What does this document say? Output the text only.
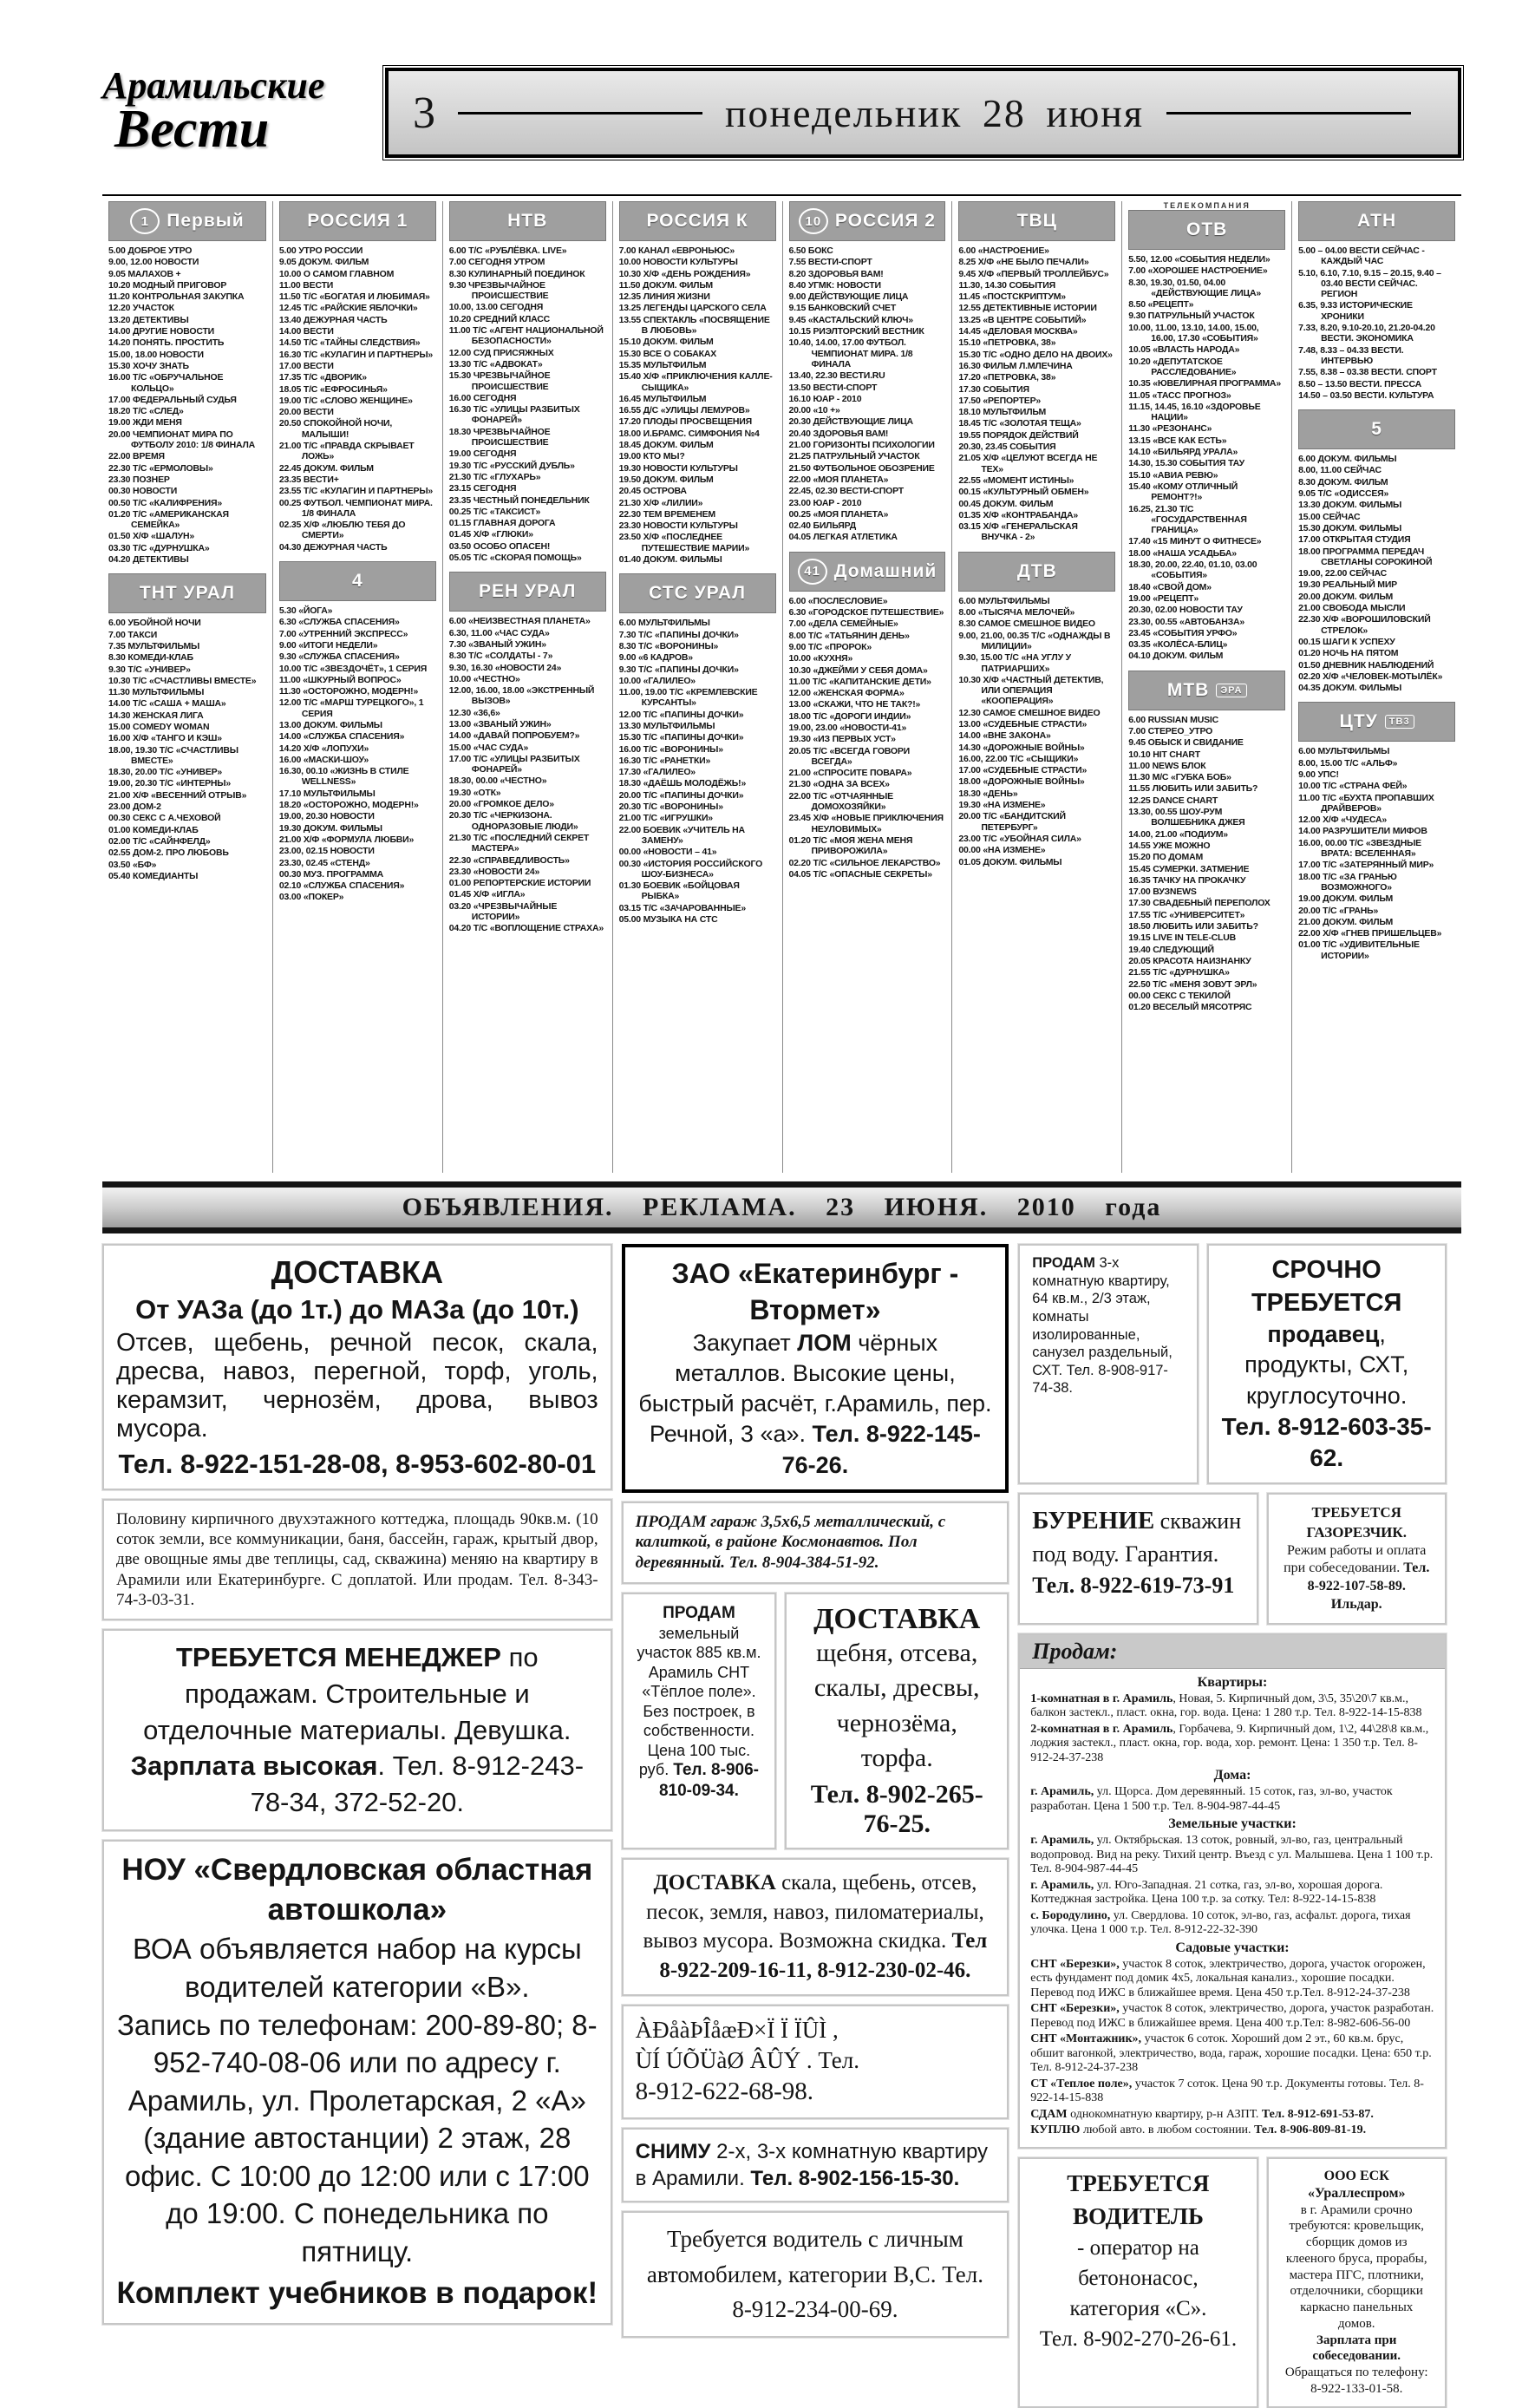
Арамильские
Вести	3	понедельник 28 июня
1 Первый
5.00 ДОБРОЕ УТРО
9.00, 12.00 НОВОСТИ
9.05 МАЛАХОВ +
10.20 МОДНЫЙ ПРИГОВОР
11.20 КОНТРОЛЬНАЯ ЗАКУПКА
12.20 УЧАСТОК
13.20 ДЕТЕКТИВЫ
14.00 ДРУГИЕ НОВОСТИ
14.20 ПОНЯТЬ. ПРОСТИТЬ
15.00, 18.00 НОВОСТИ
15.30 ХОЧУ ЗНАТЬ
16.00 Т/С «ОБРУЧАЛЬНОЕ КОЛЬЦО»
17.00 ФЕДЕРАЛЬНЫЙ СУДЬЯ
18.20 Т/С «СЛЕД»
19.00 ЖДИ МЕНЯ
20.00 ЧЕМПИОНАТ МИРА ПО ФУТБОЛУ 2010: 1/8 ФИНАЛА
22.00 ВРЕМЯ
22.30 Т/С «ЕРМОЛОВЫ»
23.30 ПОЗНЕР
00.30 НОВОСТИ
00.50 Т/С «КАЛИФРЕНИЯ»
01.20 Т/С «АМЕРИКАНСКАЯ СЕМЕЙКА»
01.50 Х/Ф «ШАЛУН»
03.30 Т/С «ДУРНУШКА»
04.20 ДЕТЕКТИВЫ
ТНТ УРАЛ
6.00 УБОЙНОЙ НОЧИ
7.00 ТАКСИ
7.35 МУЛЬТФИЛЬМЫ
8.30 КОМЕДИ-КЛАБ
9.30 Т/С «УНИВЕР»
10.30 Т/С «СЧАСТЛИВЫ ВМЕСТЕ»
11.30 МУЛЬТФИЛЬМЫ
14.00 Т/С «САША + МАША»
14.30 ЖЕНСКАЯ ЛИГА
15.00 COMEDY WOMAN
16.00 Х/Ф «ТАНГО И КЭШ»
18.00, 19.30 Т/С «СЧАСТЛИВЫ ВМЕСТЕ»
18.30, 20.00 Т/С «УНИВЕР»
19.00, 20.30 Т/С «ИНТЕРНЫ»
21.00 Х/Ф «ВЕСЕННИЙ ОТРЫВ»
23.00 ДОМ-2
00.30 СЕКС С А.ЧЕХОВОЙ
01.00 КОМЕДИ-КЛАБ
02.00 Т/С «САЙНФЕЛД»
02.55 ДОМ-2. ПРО ЛЮБОВЬ
03.50 «БФ»
05.40 КОМЕДИАНТЫ
РОССИЯ 1
5.00 УТРО РОССИИ
9.05 ДОКУМ. ФИЛЬМ
10.00 О САМОМ ГЛАВНОМ
11.00 ВЕСТИ
11.50 Т/С «БОГАТАЯ И ЛЮБИМАЯ»
12.45 Т/С «РАЙСКИЕ ЯБЛОЧКИ»
13.40 ДЕЖУРНАЯ ЧАСТЬ
14.00 ВЕСТИ
14.50 Т/С «ТАЙНЫ СЛЕДСТВИЯ»
16.30 Т/С «КУЛАГИН И ПАРТНЕРЫ»
17.00 ВЕСТИ
17.35 Т/С «ДВОРИК»
18.05 Т/С «ЕФРОСИНЬЯ»
19.00 Т/С «СЛОВО ЖЕНЩИНЕ»
20.00 ВЕСТИ
20.50 СПОКОЙНОЙ НОЧИ, МАЛЫШИ!
21.00 Т/С «ПРАВДА СКРЫВАЕТ ЛОЖЬ»
22.45 ДОКУМ. ФИЛЬМ
23.35 ВЕСТИ+
23.55 Т/С «КУЛАГИН И ПАРТНЕРЫ»
00.25 ФУТБОЛ. ЧЕМПИОНАТ МИРА. 1/8 ФИНАЛА
02.35 Х/Ф «ЛЮБЛЮ ТЕБЯ ДО СМЕРТИ»
04.30 ДЕЖУРНАЯ ЧАСТЬ
4
5.30 «ЙОГА»
6.30 «СЛУЖБА СПАСЕНИЯ»
7.00 «УТРЕННИЙ ЭКСПРЕСС»
9.00 «ИТОГИ НЕДЕЛИ»
9.30 «СЛУЖБА СПАСЕНИЯ»
10.00 Т/С «ЗВЕЗДОЧЁТ», 1 СЕРИЯ
11.00 «ШКУРНЫЙ ВОПРОС»
11.30 «ОСТОРОЖНО, МОДЕРН!»
12.00 Т/С «МАРШ ТУРЕЦКОГО», 1 СЕРИЯ
13.00 ДОКУМ. ФИЛЬМЫ
14.00 «СЛУЖБА СПАСЕНИЯ»
14.20 Х/Ф «ЛОПУХИ»
16.00 «МАСКИ-ШОУ»
16.30, 00.10 «ЖИЗНЬ В СТИЛЕ WELLNESS»
17.10 МУЛЬТФИЛЬМЫ
18.20 «ОСТОРОЖНО, МОДЕРН!»
19.00, 20.30 НОВОСТИ
19.30 ДОКУМ. ФИЛЬМЫ
21.00 Х/Ф «ФОРМУЛА ЛЮБВИ»
23.00, 02.15 НОВОСТИ
23.30, 02.45 «СТЕНД»
00.30 МУЗ. ПРОГРАММА
02.10 «СЛУЖБА СПАСЕНИЯ»
03.00 «ПОКЕР»
НТВ
6.00 Т/С «РУБЛЁВКА. LIVE»
7.00 СЕГОДНЯ УТРОМ
8.30 КУЛИНАРНЫЙ ПОЕДИНОК
9.30 ЧРЕЗВЫЧАЙНОЕ ПРОИСШЕСТВИЕ
10.00, 13.00 СЕГОДНЯ
10.20 СРЕДНИЙ КЛАСС
11.00 Т/С «АГЕНТ НАЦИОНАЛЬНОЙ БЕЗОПАСНОСТИ»
12.00 СУД ПРИСЯЖНЫХ
13.30 Т/С «АДВОКАТ»
15.30 ЧРЕЗВЫЧАЙНОЕ ПРОИСШЕСТВИЕ
16.00 СЕГОДНЯ
16.30 Т/С «УЛИЦЫ РАЗБИТЫХ ФОНАРЕЙ»
18.30 ЧРЕЗВЫЧАЙНОЕ ПРОИСШЕСТВИЕ
19.00 СЕГОДНЯ
19.30 Т/С «РУССКИЙ ДУБЛЬ»
21.30 Т/С «ГЛУХАРЬ»
23.15 СЕГОДНЯ
23.35 ЧЕСТНЫЙ ПОНЕДЕЛЬНИК
00.25 Т/С «ТАКСИСТ»
01.15 ГЛАВНАЯ ДОРОГА
01.45 Х/Ф «ГЛЮКИ»
03.50 ОСОБО ОПАСЕН!
05.05 Т/С «СКОРАЯ ПОМОЩЬ»
РЕН УРАЛ
6.00 «НЕИЗВЕСТНАЯ ПЛАНЕТА»
6.30, 11.00 «ЧАС СУДА»
7.30 «ЗВАНЫЙ УЖИН»
8.30 Т/С «СОЛДАТЫ - 7»
9.30, 16.30 «НОВОСТИ 24»
10.00 «ЧЕСТНО»
12.00, 16.00, 18.00 «ЭКСТРЕННЫЙ ВЫЗОВ»
12.30 «36,6»
13.00 «ЗВАНЫЙ УЖИН»
14.00 «ДАВАЙ ПОПРОБУЕМ?»
15.00 «ЧАС СУДА»
17.00 Т/С «УЛИЦЫ РАЗБИТЫХ ФОНАРЕЙ»
18.30, 00.00 «ЧЕСТНО»
19.30 «ОТК»
20.00 «ГРОМКОЕ ДЕЛО»
20.30 Т/С «ЧЕРКИЗОНА. ОДНОРАЗОВЫЕ ЛЮДИ»
21.30 Т/С «ПОСЛЕДНИЙ СЕКРЕТ МАСТЕРА»
22.30 «СПРАВЕДЛИВОСТЬ»
23.30 «НОВОСТИ 24»
01.00 РЕПОРТЕРСКИЕ ИСТОРИИ
01.45 Х/Ф «ИГЛА»
03.20 «ЧРЕЗВЫЧАЙНЫЕ ИСТОРИИ»
04.20 Т/С «ВОПЛОЩЕНИЕ СТРАХА»
РОССИЯ К
7.00 КАНАЛ «ЕВРОНЬЮС»
10.00 НОВОСТИ КУЛЬТУРЫ
10.30 Х/Ф «ДЕНЬ РОЖДЕНИЯ»
11.50 ДОКУМ. ФИЛЬМ
12.35 ЛИНИЯ ЖИЗНИ
13.25 ЛЕГЕНДЫ ЦАРСКОГО СЕЛА
13.55 СПЕКТАКЛЬ «ПОСВЯЩЕНИЕ В ЛЮБОВЬ»
15.10 ДОКУМ. ФИЛЬМ
15.30 ВСЕ О СОБАКАХ
15.35 МУЛЬТФИЛЬМ
15.40 Х/Ф «ПРИКЛЮЧЕНИЯ КАЛЛЕ-СЫЩИКА»
16.45 МУЛЬТФИЛЬМ
16.55 Д/С «УЛИЦЫ ЛЕМУРОВ»
17.20 ПЛОДЫ ПРОСВЕЩЕНИЯ
18.00 И.БРАМС. СИМФОНИЯ №4
18.45 ДОКУМ. ФИЛЬМ
19.00 КТО МЫ?
19.30 НОВОСТИ КУЛЬТУРЫ
19.50 ДОКУМ. ФИЛЬМ
20.45 ОСТРОВА
21.30 Х/Ф «ЛИЛИИ»
22.30 ТЕМ ВРЕМЕНЕМ
23.30 НОВОСТИ КУЛЬТУРЫ
23.50 Х/Ф «ПОСЛЕДНЕЕ ПУТЕШЕСТВИЕ МАРИИ»
01.40 ДОКУМ. ФИЛЬМЫ
СТС УРАЛ
6.00 МУЛЬТФИЛЬМЫ
7.30 Т/С «ПАПИНЫ ДОЧКИ»
8.30 Т/С «ВОРОНИНЫ»
9.00 «6 КАДРОВ»
9.30 Т/С «ПАПИНЫ ДОЧКИ»
10.00 «ГАЛИЛЕО»
11.00, 19.00 Т/С «КРЕМЛЕВСКИЕ КУРСАНТЫ»
12.00 Т/С «ПАПИНЫ ДОЧКИ»
13.30 МУЛЬТФИЛЬМЫ
15.30 Т/С «ПАПИНЫ ДОЧКИ»
16.00 Т/С «ВОРОНИНЫ»
16.30 Т/С «РАНЕТКИ»
17.30 «ГАЛИЛЕО»
18.30 «ДАЁШЬ МОЛОДЁЖЬ!»
20.00 Т/С «ПАПИНЫ ДОЧКИ»
20.30 Т/С «ВОРОНИНЫ»
21.00 Т/С «ИГРУШКИ»
22.00 БОЕВИК «УЧИТЕЛЬ НА ЗАМЕНУ»
00.00 «НОВОСТИ – 41»
00.30 «ИСТОРИЯ РОССИЙСКОГО ШОУ-БИЗНЕСА»
01.30 БОЕВИК «БОЙЦОВАЯ РЫБКА»
03.15 Т/С «ЗАЧАРОВАННЫЕ»
05.00 МУЗЫКА НА СТС
10 РОССИЯ 2
6.50 БОКС
7.55 ВЕСТИ-СПОРТ
8.20 ЗДОРОВЬЯ ВАМ!
8.40 УГМК: НОВОСТИ
9.00 ДЕЙСТВУЮЩИЕ ЛИЦА
9.15 БАНКОВСКИЙ СЧЕТ
9.45 «КАСТАЛЬСКИЙ КЛЮЧ»
10.15 РИЭЛТОРСКИЙ ВЕСТНИК
10.40, 14.00, 17.00 ФУТБОЛ. ЧЕМПИОНАТ МИРА. 1/8 ФИНАЛА
13.40, 22.30 ВЕСТИ.RU
13.50 ВЕСТИ-СПОРТ
16.10 ЮАР - 2010
20.00 «10 +»
20.30 ДЕЙСТВУЮЩИЕ ЛИЦА
20.40 ЗДОРОВЬЯ ВАМ!
21.00 ГОРИЗОНТЫ ПСИХОЛОГИИ
21.25 ПАТРУЛЬНЫЙ УЧАСТОК
21.50 ФУТБОЛЬНОЕ ОБОЗРЕНИЕ
22.00 «МОЯ ПЛАНЕТА»
22.45, 02.30 ВЕСТИ-СПОРТ
23.00 ЮАР - 2010
00.25 «МОЯ ПЛАНЕТА»
02.40 БИЛЬЯРД
04.05 ЛЕГКАЯ АТЛЕТИКА
41 Домашний
6.00 «ПОСЛЕСЛОВИЕ»
6.30 «ГОРОДСКОЕ ПУТЕШЕСТВИЕ»
7.00 «ДЕЛА СЕМЕЙНЫЕ»
8.00 Т/С «ТАТЬЯНИН ДЕНЬ»
9.00 Т/С «ПРОРОК»
10.00 «КУХНЯ»
10.30 «ДЖЕЙМИ У СЕБЯ ДОМА»
11.00 Т/С «КАПИТАНСКИЕ ДЕТИ»
12.00 «ЖЕНСКАЯ ФОРМА»
13.00 «СКАЖИ, ЧТО НЕ ТАК?!»
18.00 Т/С «ДОРОГИ ИНДИИ»
19.00, 23.00 «НОВОСТИ-41»
19.30 «ИЗ ПЕРВЫХ УСТ»
20.05 Т/С «ВСЕГДА ГОВОРИ ВСЕГДА»
21.00 «СПРОСИТЕ ПОВАРА»
21.30 «ОДНА ЗА ВСЕХ»
22.00 Т/С «ОТЧАЯННЫЕ ДОМОХОЗЯЙКИ»
23.45 Х/Ф «НОВЫЕ ПРИКЛЮЧЕНИЯ НЕУЛОВИМЫХ»
01.20 Т/С «МОЯ ЖЕНА МЕНЯ ПРИВОРОЖИЛА»
02.20 Т/С «СИЛЬНОЕ ЛЕКАРСТВО»
04.05 Т/С «ОПАСНЫЕ СЕКРЕТЫ»
ТВЦ
6.00 «НАСТРОЕНИЕ»
8.25 Х/Ф «НЕ БЫЛО ПЕЧАЛИ»
9.45 Х/Ф «ПЕРВЫЙ ТРОЛЛЕЙБУС»
11.30, 14.30 СОБЫТИЯ
11.45 «ПОСТСКРИПТУМ»
12.55 ДЕТЕКТИВНЫЕ ИСТОРИИ
13.25 «В ЦЕНТРЕ СОБЫТИЙ»
14.45 «ДЕЛОВАЯ МОСКВА»
15.10 «ПЕТРОВКА, 38»
15.30 Т/С «ОДНО ДЕЛО НА ДВОИХ»
16.30 ФИЛЬМ Л.МЛЕЧИНА
17.20 «ПЕТРОВКА, 38»
17.30 СОБЫТИЯ
17.50 «РЕПОРТЕР»
18.10 МУЛЬТФИЛЬМ
18.45 Т/С «ЗОЛОТАЯ ТЕЩА»
19.55 ПОРЯДОК ДЕЙСТВИЙ
20.30, 23.45 СОБЫТИЯ
21.05 Х/Ф «ЦЕЛУЮТ ВСЕГДА НЕ ТЕХ»
22.55 «МОМЕНТ ИСТИНЫ»
00.15 «КУЛЬТУРНЫЙ ОБМЕН»
00.45 ДОКУМ. ФИЛЬМ
01.35 Х/Ф «КОНТРАБАНДА»
03.15 Х/Ф «ГЕНЕРАЛЬСКАЯ ВНУЧКА - 2»
ДТВ
6.00 МУЛЬТФИЛЬМЫ
8.00 «ТЫСЯЧА МЕЛОЧЕЙ»
8.30 САМОЕ СМЕШНОЕ ВИДЕО
9.00, 21.00, 00.35 Т/С «ОДНАЖДЫ В МИЛИЦИИ»
9.30, 15.00 Т/С «НА УГЛУ У ПАТРИАРШИХ»
10.30 Х/Ф «ЧАСТНЫЙ ДЕТЕКТИВ, ИЛИ ОПЕРАЦИЯ «КООПЕРАЦИЯ»
12.30 САМОЕ СМЕШНОЕ ВИДЕО
13.00 «СУДЕБНЫЕ СТРАСТИ»
14.00 «ВНЕ ЗАКОНА»
14.30 «ДОРОЖНЫЕ ВОЙНЫ»
16.00, 22.00 Т/С «СЫЩИКИ»
17.00 «СУДЕБНЫЕ СТРАСТИ»
18.00 «ДОРОЖНЫЕ ВОЙНЫ»
18.30 «ДЕНЬ»
19.30 «НА ИЗМЕНЕ»
20.00 Т/С «БАНДИТСКИЙ ПЕТЕРБУРГ»
23.00 Т/С «УБОЙНАЯ СИЛА»
00.00 «НА ИЗМЕНЕ»
01.05 ДОКУМ. ФИЛЬМЫ
ТЕЛЕКОМПАНИЯ
ОТВ
5.50, 12.00 «СОБЫТИЯ НЕДЕЛИ»
7.00 «ХОРОШЕЕ НАСТРОЕНИЕ»
8.30, 19.30, 01.50, 04.00 «ДЕЙСТВУЮЩИЕ ЛИЦА»
8.50 «РЕЦЕПТ»
9.30 ПАТРУЛЬНЫЙ УЧАСТОК
10.00, 11.00, 13.10, 14.00, 15.00, 16.00, 17.30 «СОБЫТИЯ»
10.05 «ВЛАСТЬ НАРОДА»
10.20 «ДЕПУТАТСКОЕ РАССЛЕДОВАНИЕ»
10.35 «ЮВЕЛИРНАЯ ПРОГРАММА»
11.05 «ТАСС ПРОГНОЗ»
11.15, 14.45, 16.10 «ЗДОРОВЬЕ НАЦИИ»
11.30 «РЕЗОНАНС»
13.15 «ВСЕ КАК ЕСТЬ»
14.10 «БИЛЬЯРД УРАЛА»
14.30, 15.30 СОБЫТИЯ ТАУ
15.10 «АВИА РЕВЮ»
15.40 «КОМУ ОТЛИЧНЫЙ РЕМОНТ?!»
16.25, 21.30 Т/С «ГОСУДАРСТВЕННАЯ ГРАНИЦА»
17.40 «15 МИНУТ О ФИТНЕСЕ»
18.00 «НАША УСАДЬБА»
18.30, 20.00, 22.40, 01.10, 03.00 «СОБЫТИЯ»
18.40 «СВОЙ ДОМ»
19.00 «РЕЦЕПТ»
20.30, 02.00 НОВОСТИ ТАУ
23.30, 00.55 «АВТОБАНЗА»
23.45 «СОБЫТИЯ УРФО»
03.35 «КОЛЁСА-БЛИЦ»
04.10 ДОКУМ. ФИЛЬМ
МТВ	ЭРА
6.00 RUSSIAN MUSIC
7.00 СТЕРЕО_УТРО
9.45 ОБЫСК И СВИДАНИЕ
10.10 HIT CHART
11.00 NEWS БЛОК
11.30 М/С «ГУБКА БОБ»
11.55 ЛЮБИТЬ ИЛИ ЗАБИТЬ?
12.25 DANCE CHART
13.30, 00.55 ШОУ-РУМ ВОЛШЕБНИКА ДЖЕЯ
14.00, 21.00 «ПОДИУМ»
14.55 УЖЕ МОЖНО
15.20 ПО ДОМАМ
15.45 СУМЕРКИ. ЗАТМЕНИЕ
16.35 ТАЧКУ НА ПРОКАЧКУ
17.00 ВУЗNEWS
17.30 СВАДЕБНЫЙ ПЕРЕПОЛОХ
17.55 Т/С «УНИВЕРСИТЕТ»
18.50 ЛЮБИТЬ ИЛИ ЗАБИТЬ?
19.15 LIVE IN TELE-CLUB
19.40 СЛЕДУЮЩИЙ
20.05 КРАСОТА НАИЗНАНКУ
21.55 Т/С «ДУРНУШКА»
22.50 Т/С «МЕНЯ ЗОВУТ ЭРЛ»
00.00 СЕКС С ТЕКИЛОЙ
01.20 ВЕСЕЛЫЙ МЯСОТРЯС
АТН
5.00 – 04.00 ВЕСТИ СЕЙЧАС - КАЖДЫЙ ЧАС
5.10, 6.10, 7.10, 9.15 – 20.15, 9.40 – 03.40 ВЕСТИ СЕЙЧАС. РЕГИОН
6.35, 9.33 ИСТОРИЧЕСКИЕ ХРОНИКИ
7.33, 8.20, 9.10-20.10, 21.20-04.20 ВЕСТИ. ЭКОНОМИКА
7.48, 8.33 – 04.33 ВЕСТИ. ИНТЕРВЬЮ
7.55, 8.38 – 03.38 ВЕСТИ. СПОРТ
8.50 – 13.50 ВЕСТИ. ПРЕССА
14.50 – 03.50 ВЕСТИ. КУЛЬТУРА
5
6.00 ДОКУМ. ФИЛЬМЫ
8.00, 11.00 СЕЙЧАС
8.30 ДОКУМ. ФИЛЬМ
9.05 Т/С «ОДИССЕЯ»
13.30 ДОКУМ. ФИЛЬМЫ
15.00 СЕЙЧАС
15.30 ДОКУМ. ФИЛЬМЫ
17.00 ОТКРЫТАЯ СТУДИЯ
18.00 ПРОГРАММА ПЕРЕДАЧ СВЕТЛАНЫ СОРОКИНОЙ
19.00, 22.00 СЕЙЧАС
19.30 РЕАЛЬНЫЙ МИР
20.00 ДОКУМ. ФИЛЬМ
21.00 СВОБОДА МЫСЛИ
22.30 Х/Ф «ВОРОШИЛОВСКИЙ СТРЕЛОК»
00.15 ШАГИ К УСПЕХУ
01.20 НОЧЬ НА ПЯТОМ
01.50 ДНЕВНИК НАБЛЮДЕНИЙ
02.20 Х/Ф «ЧЕЛОВЕК-МОТЫЛЁК»
04.35 ДОКУМ. ФИЛЬМЫ
ЦТУ	ТВ3
6.00 МУЛЬТФИЛЬМЫ
8.00, 15.00 Т/С «АЛЬФ»
9.00 УПС!
10.00 Т/С «СТРАНА ФЕЙ»
11.00 Т/С «БУХТА ПРОПАВШИХ ДРАЙВЕРОВ»
12.00 Х/Ф «ЧУДЕСА»
14.00 РАЗРУШИТЕЛИ МИФОВ
16.00, 00.00 Т/С «ЗВЕЗДНЫЕ ВРАТА: ВСЕЛЕННАЯ»
17.00 Т/С «ЗАТЕРЯННЫЙ МИР»
18.00 Т/С «ЗА ГРАНЬЮ ВОЗМОЖНОГО»
19.00 ДОКУМ. ФИЛЬМ
20.00 Т/С «ГРАНЬ»
21.00 ДОКУМ. ФИЛЬМ
22.00 Х/Ф «ГНЕВ ПРИШЕЛЬЦЕВ»
01.00 Т/С «УДИВИТЕЛЬНЫЕ ИСТОРИИ»
ОБЪЯВЛЕНИЯ. РЕКЛАМА. 23 ИЮНЯ. 2010 года
ДОСТАВКА
От УАЗа (до 1т.) до МАЗа (до 10т.)
Отсев, щебень, речной песок, скала, дресва, навоз, перегной, торф, уголь, керамзит, чернозём, дрова, вывоз мусора.
Тел. 8-922-151-28-08, 8-953-602-80-01
Половину кирпичного двухэтажного коттеджа, площадь 90кв.м. (10 соток земли, все коммуникации, баня, бассейн, гараж, крытый двор, две овощные ямы две теплицы, сад, скважина) меняю на квартиру в Арамили или Екатеринбурге. С доплатой. Или продам. Тел. 8-343-74-3-03-31.
ТРЕБУЕТСЯ МЕНЕДЖЕР по продажам. Строительные и отделочные материалы. Девушка. Зарплата высокая. Тел. 8-912-243-78-34, 372-52-20.
НОУ «Свердловская областная автошкола»
ВОА объявляется набор на курсы водителей категории «В».
Запись по телефонам: 200-89-80; 8-952-740-08-06 или по адресу г. Арамиль, ул. Пролетарская, 2 «А» (здание автостанции) 2 этаж, 28 офис. С 10:00 до 12:00 или с 17:00 до 19:00. С понедельника по пятницу.
Комплект учебников в подарок!
ЗАО «Екатеринбург - Втормет»
Закупает ЛОМ чёрных металлов. Высокие цены, быстрый расчёт, г.Арамиль, пер. Речной, 3 «а». Тел. 8-922-145-76-26.
ПРОДАМ гараж 3,5х6,5 металлический, с калиткой, в районе Космонавтов. Пол деревянный. Тел. 8-904-384-51-92.
ПРОДАМ земельный участок 885 кв.м. Арамиль СНТ «Тёплое поле». Без построек, в собственности. Цена 100 тыс. руб. Тел. 8-906-810-09-34.
ДОСТАВКА
щебня, отсева, скалы, дресвы, чернозёма, торфа.
Тел. 8-902-265-76-25.
ДОСТАВКА скала, щебень, отсев, песок, земля, навоз, пиломатериалы, вывоз мусора. Возможна скидка. Тел 8-922-209-16-11, 8-912-230-02-46.
ÀÐåàÞÎåæÐ×Ï Ï ÏÛÌ ,
ÙÍ ÚÕÜàØ ÂÛÝ . Тел.
8-912-622-68-98.
СНИМУ 2-х, 3-х комнатную квартиру в Арамили. Тел. 8-902-156-15-30.
Требуется водитель с личным автомобилем, категории В,С. Тел. 8-912-234-00-69.
ПРОДАМ 3-х комнатную квартиру, 64 кв.м., 2/3 этаж, комнаты изолированные, санузел раздельный, СХТ. Тел. 8-908-917-74-38.
СРОЧНО ТРЕБУЕТСЯ
продавец, продукты, СХТ, круглосуточно.
Тел. 8-912-603-35-62.
БУРЕНИЕ скважин под воду. Гарантия. Тел. 8-922-619-73-91
ТРЕБУЕТСЯ ГАЗОРЕЗЧИК.
Режим работы и оплата при собеседовании. Тел. 8-922-107-58-89. Ильдар.
Продам:
Квартиры:
1-комнатная в г. Арамиль, Новая, 5. Кирпичный дом, 3\5, 35\20\7 кв.м., балкон застекл., пласт. окна, гор. вода. Цена: 1 280 т.р. Тел. 8-922-14-15-838
2-комнатная в г. Арамиль, Горбачева, 9. Кирпичный дом, 1\2, 44\28\8 кв.м., лоджия застекл., пласт. окна, гор. вода, хор. ремонт. Цена: 1 350 т.р. Тел. 8-912-24-37-238
Дома:
г. Арамиль, ул. Щорса. Дом деревянный. 15 соток, газ, эл-во, участок разработан. Цена 1 500 т.р. Тел. 8-904-987-44-45
Земельные участки:
г. Арамиль, ул. Октябрьская. 13 соток, ровный, эл-во, газ, центральный водопровод. Вид на реку. Тихий центр. Въезд с ул. Малышева. Цена 1 100 т.р. Тел. 8-904-987-44-45
г. Арамиль, ул. Юго-Западная. 21 сотка, газ, эл-во, хорошая дорога. Коттеджная застройка. Цена 100 т.р. за сотку. Тел: 8-922-14-15-838
с. Бородулино, ул. Свердлова. 10 соток, эл-во, газ, асфальт. дорога, тихая улочка. Цена 1 000 т.р. Тел. 8-912-22-32-390
Садовые участки:
СНТ «Березки», участок 8 соток, электричество, дорога, участок огорожен, есть фундамент под домик 4х5, локальная канализ., хорошие посадки. Перевод под ИЖС в ближайшее время. Цена 450 т.р.Тел. 8-912-24-37-238
СНТ «Березки», участок 8 соток, электричество, дорога, участок разработан. Перевод под ИЖС в ближайшее время. Цена 400 т.р.Тел: 8-982-606-56-00
СНТ «Монтажник», участок 6 соток. Хороший дом 2 эт., 60 кв.м. брус, обшит вагонкой, электричество, вода, гараж, хорошие посадки. Цена: 650 т.р. Тел. 8-912-24-37-238
СТ «Теплое поле», участок 7 соток. Цена 90 т.р. Документы готовы. Тел. 8-922-14-15-838
СДАМ однокомнатную квартиру, р-н АЗПТ. Тел. 8-912-691-53-87.
КУПЛЮ любой авто. в любом состоянии. Тел. 8-906-809-81-19.
ТРЕБУЕТСЯ ВОДИТЕЛЬ
- оператор на бетононасос,
категория «С».
Тел. 8-902-270-26-61.
ООО ЕСК «Ураллеспром»
в г. Арамили срочно требуются: кровельщик, сборщик домов из клееного бруса, прорабы, мастера ПГС, плотники, отделочники, сборщики каркасно панельных домов.
Зарплата при собеседовании.
Обращаться по телефону:
8-922-133-01-58.
